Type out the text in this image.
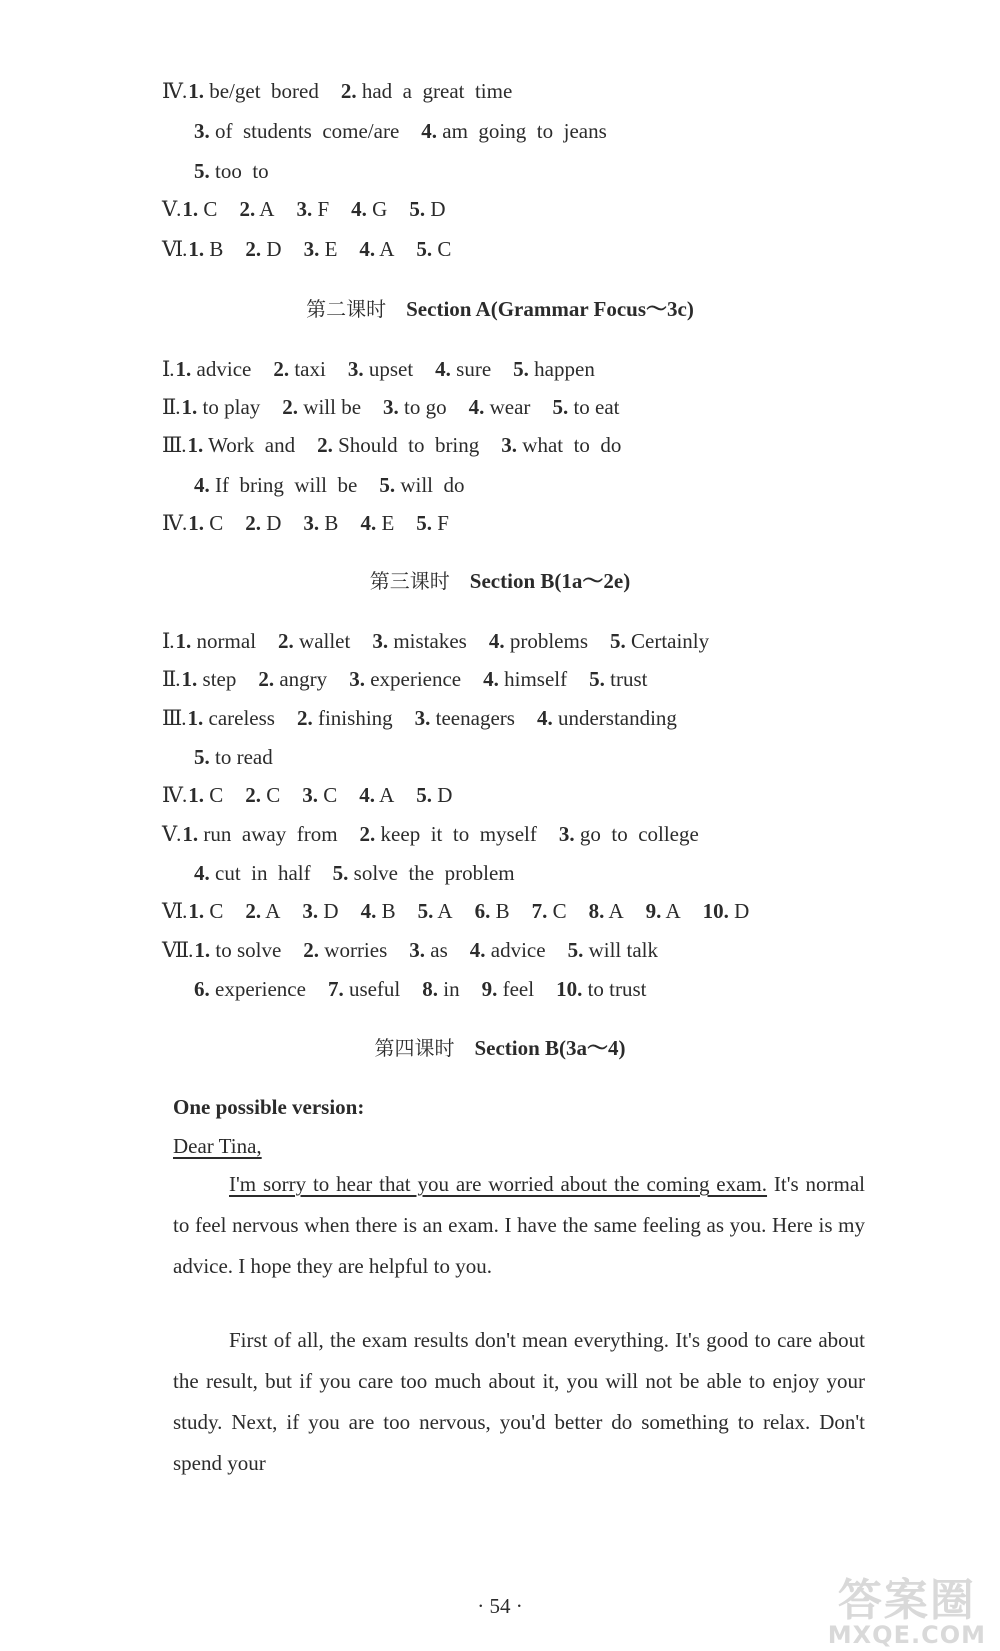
Ⅳ.1. be/get  bored 2. had  a  great  time
3. of  students  come/are 4. am  going  to  jeans
5. too  to
Ⅴ.1. C 2. A 3. F 4. G 5. D
Ⅵ.1. B 2. D 3. E 4. A 5. C
第二课时 Section A(Grammar Focus～3c)
Ⅰ.1. advice 2. taxi 3. upset 4. sure 5. happen
Ⅱ.1. to play 2. will be 3. to go 4. wear 5. to eat
Ⅲ.1. Work  and 2. Should  to  bring 3. what  to  do
4. If  bring  will  be 5. will  do
Ⅳ.1. C 2. D 3. B 4. E 5. F
第三课时 Section B(1a～2e)
Ⅰ.1. normal 2. wallet 3. mistakes 4. problems 5. Certainly
Ⅱ.1. step 2. angry 3. experience 4. himself 5. trust
Ⅲ.1. careless 2. finishing 3. teenagers 4. understanding
5. to read
Ⅳ.1. C 2. C 3. C 4. A 5. D
Ⅴ.1. run  away  from 2. keep  it  to  myself 3. go  to  college
4. cut  in  half 5. solve  the  problem
Ⅵ.1. C 2. A 3. D 4. B 5. A 6. B 7. C 8. A 9. A 10. D
Ⅶ.1. to solve 2. worries 3. as 4. advice 5. will talk
6. experience 7. useful 8. in 9. feel 10. to trust
第四课时 Section B(3a～4)
One possible version:
Dear Tina,
I'm sorry to hear that you are worried about the coming exam. It's normal to feel nervous when there is an exam. I have the same feeling as you. Here is my advice. I hope they are helpful to you.
First of all, the exam results don't mean everything. It's good to care about the result, but if you care too much about it, you will not be able to enjoy your study. Next, if you are too nervous, you'd better do something to relax. Don't spend your
· 54 ·	答案圈
MXQE.COM
